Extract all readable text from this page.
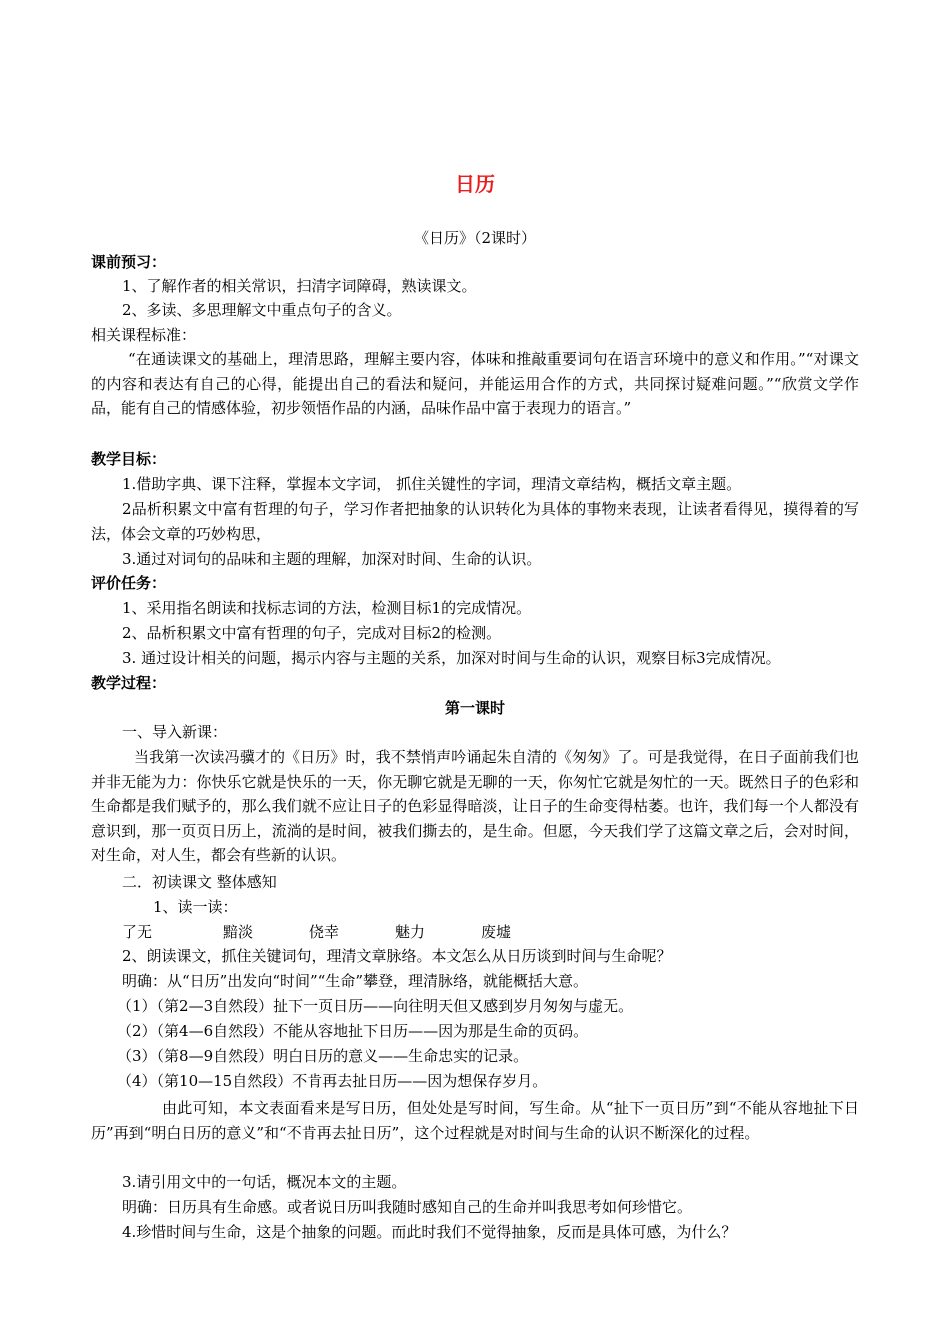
日历
《日历》（2课时）
课前预习：
1、了解作者的相关常识，扫清字词障碍，熟读课文。
2、多读、多思理解文中重点句子的含义。
相关课程标准：
“在通读课文的基础上，理清思路，理解主要内容，体味和推敲重要词句在语言环境中的意义和作用。”“对课文的内容和表达有自己的心得，能提出自己的看法和疑问，并能运用合作的方式，共同探讨疑难问题。”“欣赏文学作品，能有自己的情感体验，初步领悟作品的内涵，品味作品中富于表现力的语言。”
教学目标：
1.借助字典、课下注释，掌握本文字词， 抓住关键性的字词，理清文章结构，概括文章主题。
2品析积累文中富有哲理的句子，学习作者把抽象的认识转化为具体的事物来表现，让读者看得见，摸得着的写法，体会文章的巧妙构思，
3.通过对词句的品味和主题的理解，加深对时间、生命的认识。
评价任务：
1、采用指名朗读和找标志词的方法，检测目标1的完成情况。
2、品析积累文中富有哲理的句子，完成对目标2的检测。
3. 通过设计相关的问题，揭示内容与主题的关系，加深对时间与生命的认识，观察目标3完成情况。
教学过程：
第一课时
一、导入新课：
当我第一次读冯骥才的《日历》时，我不禁悄声吟诵起朱自清的《匆匆》了。可是我觉得，在日子面前我们也并非无能为力：你快乐它就是快乐的一天，你无聊它就是无聊的一天，你匆忙它就是匆忙的一天。既然日子的色彩和生命都是我们赋予的，那么我们就不应让日子的色彩显得暗淡，让日子的生命变得枯萎。也许，我们每一个人都没有意识到，那一页页日历上，流淌的是时间，被我们撕去的，是生命。但愿，今天我们学了这篇文章之后，会对时间，对生命，对人生，都会有些新的认识。
二．初读课文 整体感知
1、读一读：
了无	黯淡	侥幸	魅力	废墟
2、朗读课文，抓住关键词句，理清文章脉络。本文怎么从日历谈到时间与生命呢？
明确：从“日历”出发向“时间”“生命”攀登，理清脉络，就能概括大意。
（1）（第2—3自然段）扯下一页日历——向往明天但又感到岁月匆匆与虚无。
（2）（第4—6自然段）不能从容地扯下日历——因为那是生命的页码。
（3）（第8—9自然段）明白日历的意义——生命忠实的记录。
（4）（第10—15自然段）不肯再去扯日历——因为想保存岁月。
由此可知，本文表面看来是写日历，但处处是写时间，写生命。从“扯下一页日历”到“不能从容地扯下日历”再到“明白日历的意义”和“不肯再去扯日历”，这个过程就是对时间与生命的认识不断深化的过程。
3.请引用文中的一句话，概况本文的主题。
明确：日历具有生命感。或者说日历叫我随时感知自己的生命并叫我思考如何珍惜它。
4.珍惜时间与生命，这是个抽象的问题。而此时我们不觉得抽象，反而是具体可感，为什么？
